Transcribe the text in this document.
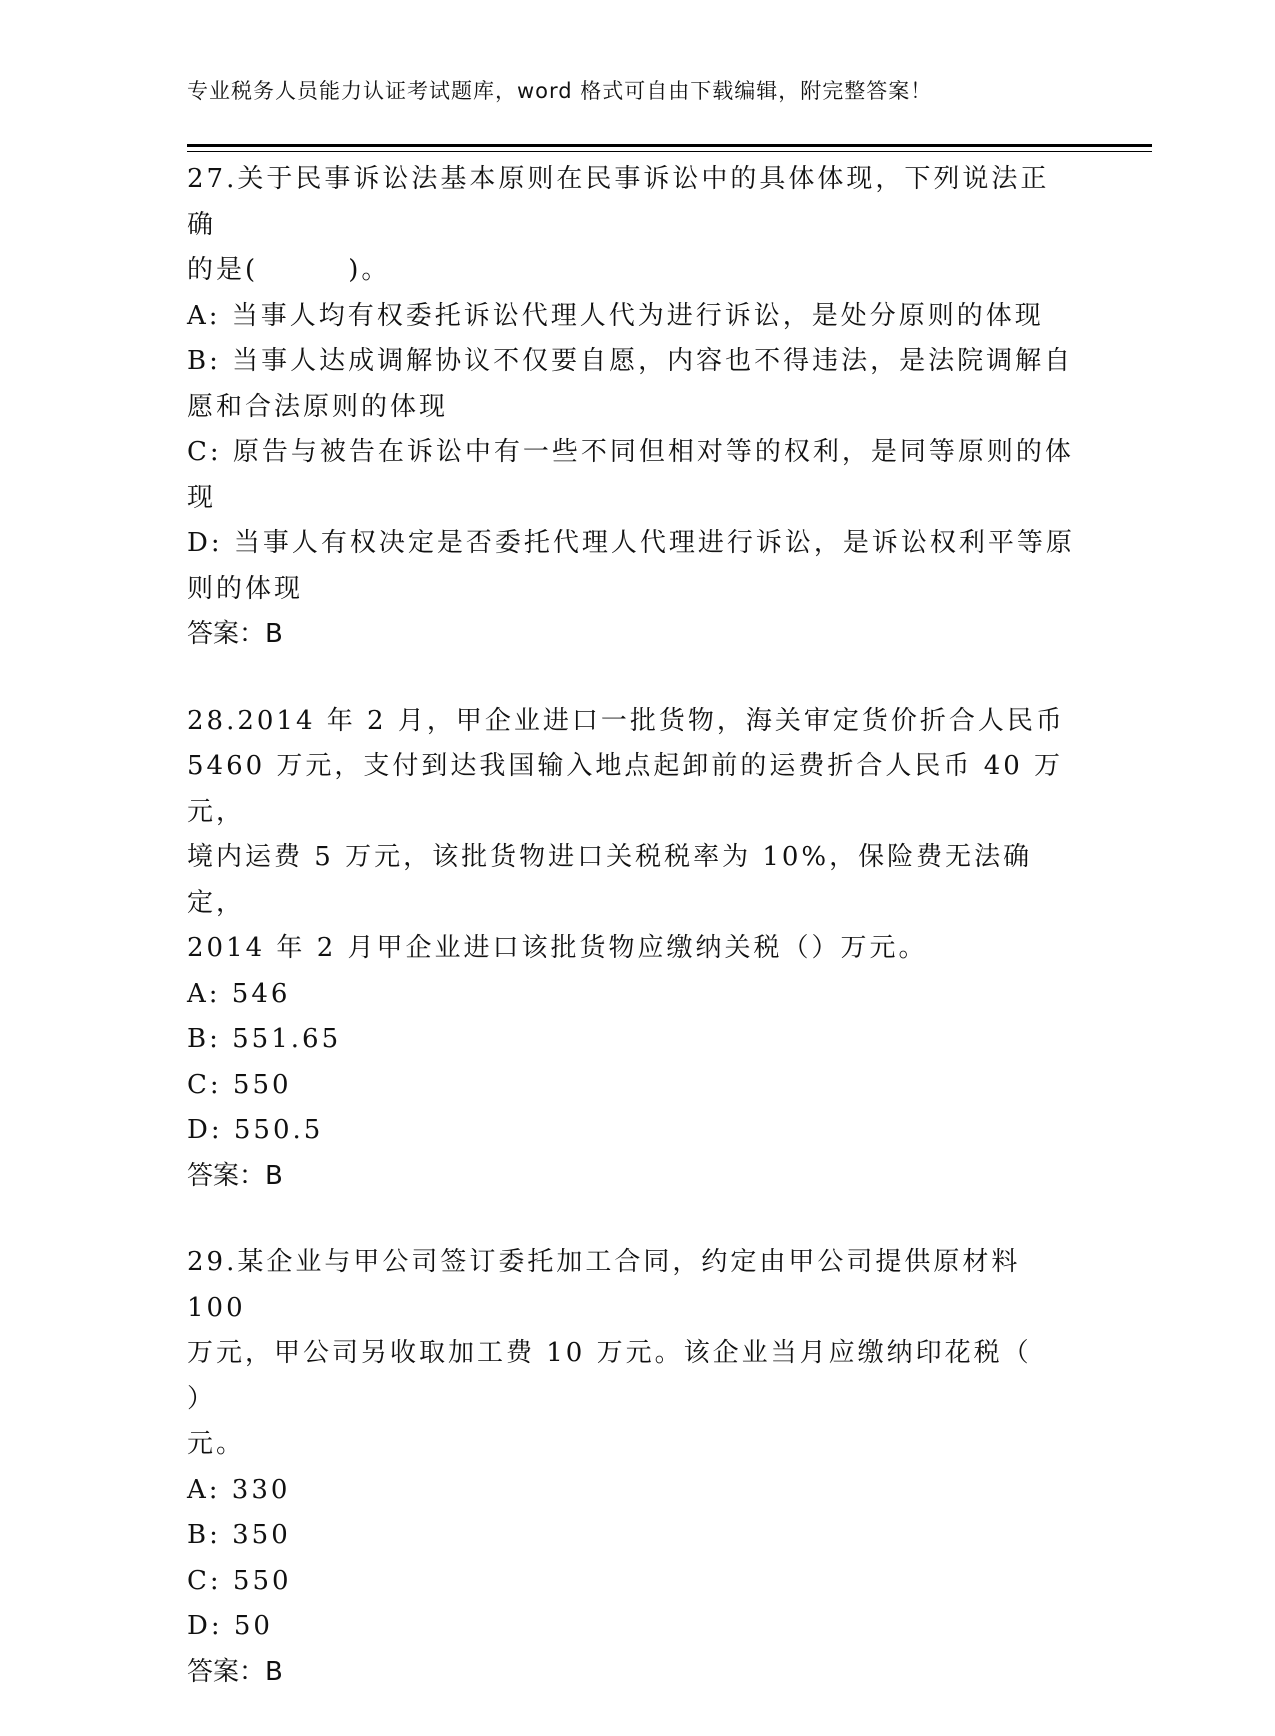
专业税务人员能力认证考试题库，word 格式可自由下载编辑，附完整答案！

27.关于民事诉讼法基本原则在民事诉讼中的具体体现，下列说法正确

的是(        )。

A: 当事人均有权委托诉讼代理人代为进行诉讼，是处分原则的体现

B: 当事人达成调解协议不仅要自愿，内容也不得违法，是法院调解自

愿和合法原则的体现

C: 原告与被告在诉讼中有一些不同但相对等的权利，是同等原则的体

现

D: 当事人有权决定是否委托代理人代理进行诉讼，是诉讼权利平等原

则的体现

答案：B

28.2014 年 2 月，甲企业进口一批货物，海关审定货价折合人民币

5460 万元，支付到达我国输入地点起卸前的运费折合人民币 40 万元，

境内运费 5 万元，该批货物进口关税税率为 10%，保险费无法确定，

2014 年 2 月甲企业进口该批货物应缴纳关税（）万元。

A: 546

B: 551.65

C: 550

D: 550.5

答案：B

29.某企业与甲公司签订委托加工合同，约定由甲公司提供原材料 100

万元，甲公司另收取加工费 10 万元。该企业当月应缴纳印花税（   ）

元。

A: 330

B: 350

C: 550

D: 50

答案：B
